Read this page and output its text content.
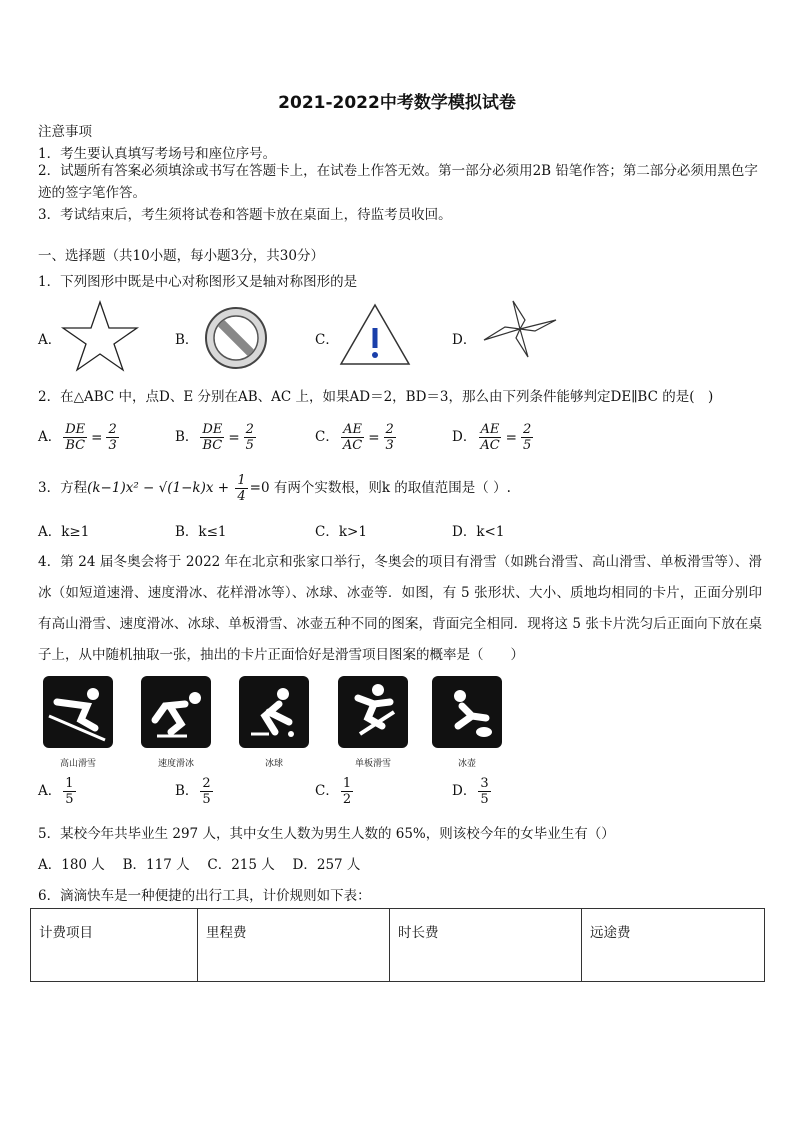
2021-2022中考数学模拟试卷
注意事项
1．考生要认真填写考场号和座位序号。
2．试题所有答案必须填涂或书写在答题卡上，在试卷上作答无效。第一部分必须用2B 铅笔作答；第二部分必须用黑色字迹的签字笔作答。
3．考试结束后，考生须将试卷和答题卡放在桌面上，待监考员收回。
一、选择题（共10小题，每小题3分，共30分）
1．下列图形中既是中心对称图形又是轴对称图形的是
A．	B．	C．	D．
2．在△ABC 中，点D、E 分别在AB、AC 上，如果AD＝2，BD＝3，那么由下列条件能够判定DE∥BC 的是(　)
A． $\frac{DE}{BC} = \frac{2}{3}$	B． $\frac{DE}{BC} = \frac{2}{5}$	C． $\frac{AE}{AC} = \frac{2}{3}$	D． $\frac{AE}{AC} = \frac{2}{5}$
3．方程$(k-1)x^2 - √(1-k)x + \frac{1}{4} =0$ 有两个实数根，则k 的取值范围是（ ）.
A．k≥1	B．k≤1	C．k>1	D．k<1
4．第 24 届冬奥会将于 2022 年在北京和张家口举行，冬奥会的项目有滑雪（如跳台滑雪、高山滑雪、单板滑雪等）、滑冰（如短道速滑、速度滑冰、花样滑冰等）、冰球、冰壶等．如图，有 5 张形状、大小、质地均相同的卡片，正面分别印有高山滑雪、速度滑冰、冰球、单板滑雪、冰壶五种不同的图案，背面完全相同．现将这 5 张卡片洗匀后正面向下放在桌子上，从中随机抽取一张，抽出的卡片正面恰好是滑雪项目图案的概率是（　　）
高山滑雪	速度滑冰	冰球	单板滑雪	冰壶
A． $\frac{1}{5}$	B． $\frac{2}{5}$	C． $\frac{1}{2}$	D． $\frac{3}{5}$
5．某校今年共毕业生 297 人，其中女生人数为男生人数的 65%，则该校今年的女毕业生有（）
A．180 人　 B．117 人　 C．215 人　 D．257 人
6．滴滴快车是一种便捷的出行工具，计价规则如下表：
计费项目	里程费	时长费	远途费
